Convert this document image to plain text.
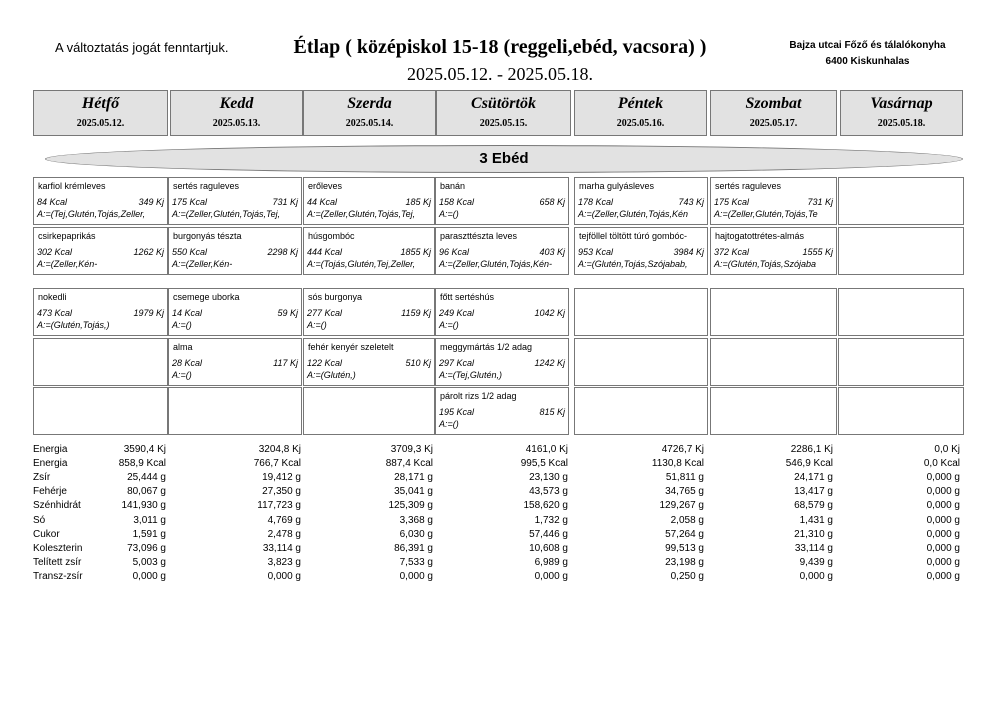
A változtatás jogát fenntartjuk.	Étlap ( középiskol 15-18 (reggeli,ebéd, vacsora) )
2025.05.12. - 2025.05.18.
Bajza utcai Főző és tálalókonyha
6400 Kiskunhalas
Hétfő
2025.05.12.
Kedd
2025.05.13.
Szerda
2025.05.14.
Csütörtök
2025.05.15.
Péntek
2025.05.16.
Szombat
2025.05.17.
Vasárnap
2025.05.18.
3 Ebéd
karfiol krémleves
84 Kcal	349 Kj
A:=(Tej,Glutén,Tojás,Zeller,
sertés raguleves
175 Kcal	731 Kj
A:=(Zeller,Glutén,Tojás,Tej,
erőleves
44 Kcal	185 Kj
A:=(Zeller,Glutén,Tojás,Tej,
banán
158 Kcal	658 Kj
A:=()
marha gulyásleves
178 Kcal	743 Kj
A:=(Zeller,Glutén,Tojás,Kén
sertés raguleves
175 Kcal	731 Kj
A:=(Zeller,Glutén,Tojás,Te
csirkepaprikás
302 Kcal	1262 Kj
A:=(Zeller,Kén-
burgonyás tészta
550 Kcal	2298 Kj
A:=(Zeller,Kén-
húsgombóc
444 Kcal	1855 Kj
A:=(Tojás,Glutén,Tej,Zeller,
paraszttészta leves
96 Kcal	403 Kj
A:=(Zeller,Glutén,Tojás,Kén-
tejföllel töltött túró gombóc-
953 Kcal	3984 Kj
A:=(Glutén,Tojás,Szójabab,
hajtogatottrétes-almás
372 Kcal	1555 Kj
A:=(Glutén,Tojás,Szójaba
nokedli
473 Kcal	1979 Kj
A:=(Glutén,Tojás,)
csemege uborka
14 Kcal	59 Kj
A:=()
sós burgonya
277 Kcal	1159 Kj
A:=()
főtt sertéshús
249 Kcal	1042 Kj
A:=()
alma
28 Kcal	117 Kj
A:=()
fehér kenyér szeletelt
122 Kcal	510 Kj
A:=(Glutén,)
meggymártás 1/2 adag
297 Kcal	1242 Kj
A:=(Tej,Glutén,)
párolt rizs 1/2 adag
195 Kcal	815 Kj
A:=()
Energia	3590,4 Kj	3204,8 Kj	3709,3 Kj	4161,0 Kj	4726,7 Kj	2286,1 Kj	0,0 Kj
Energia	858,9 Kcal	766,7 Kcal	887,4 Kcal	995,5 Kcal	1130,8 Kcal	546,9 Kcal	0,0 Kcal
Zsír	25,444 g	19,412 g	28,171 g	23,130 g	51,811 g	24,171 g	0,000 g
Fehérje	80,067 g	27,350 g	35,041 g	43,573 g	34,765 g	13,417 g	0,000 g
Szénhidrát	141,930 g	117,723 g	125,309 g	158,620 g	129,267 g	68,579 g	0,000 g
Só	3,011 g	4,769 g	3,368 g	1,732 g	2,058 g	1,431 g	0,000 g
Cukor	1,591 g	2,478 g	6,030 g	57,446 g	57,264 g	21,310 g	0,000 g
Koleszterin	73,096 g	33,114 g	86,391 g	10,608 g	99,513 g	33,114 g	0,000 g
Telített zsír	5,003 g	3,823 g	7,533 g	6,989 g	23,198 g	9,439 g	0,000 g
Transz-zsír	0,000 g	0,000 g	0,000 g	0,000 g	0,250 g	0,000 g	0,000 g
